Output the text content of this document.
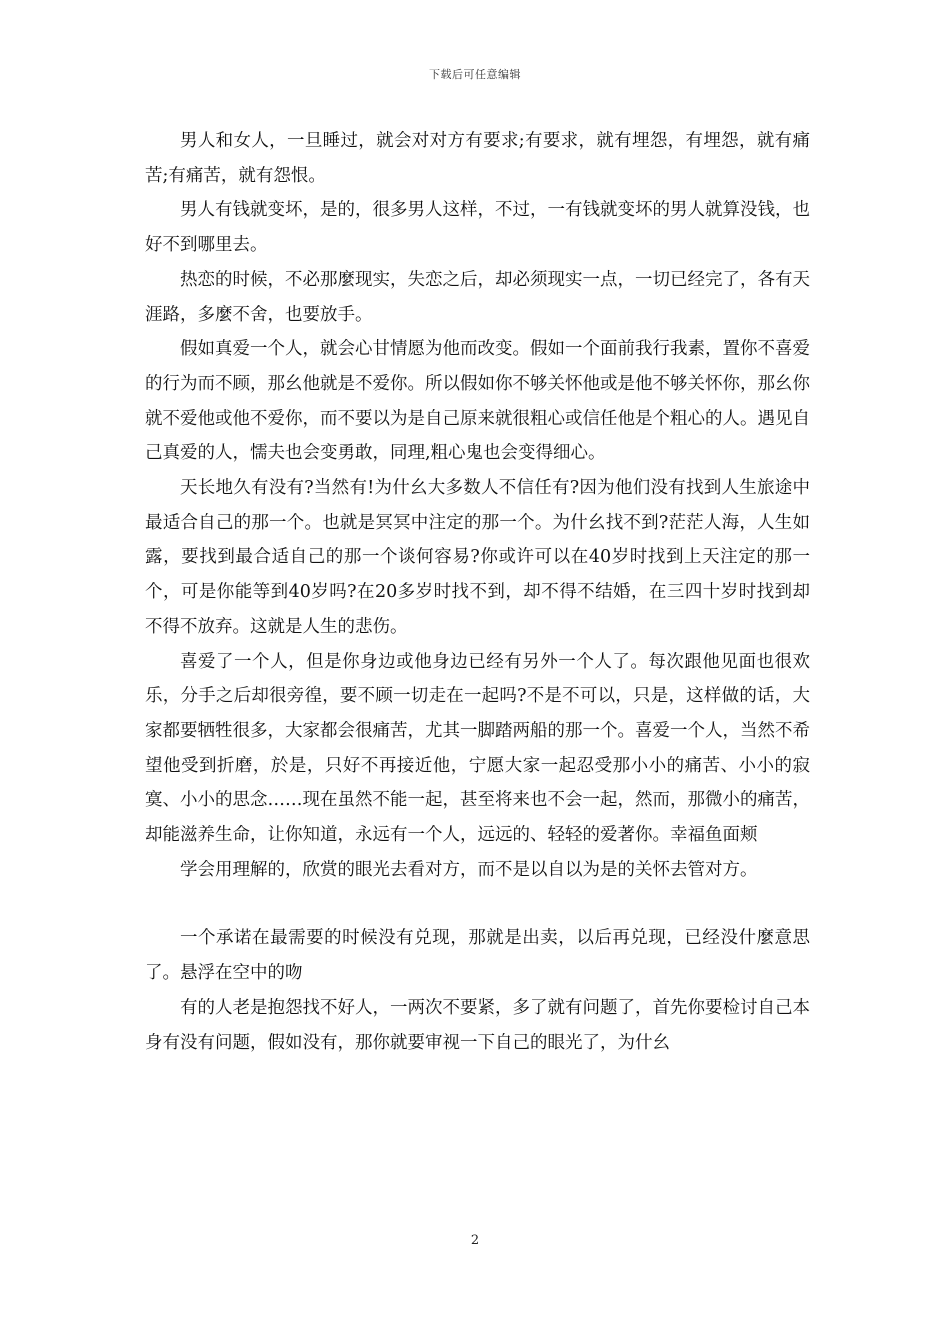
下载后可任意编辑

男人和女人，一旦睡过，就会对对方有要求;有要求，就有埋怨，有埋怨，就有痛苦;有痛苦，就有怨恨。

男人有钱就变坏，是的，很多男人这样，不过，一有钱就变坏的男人就算没钱，也好不到哪里去。

热恋的时候，不必那麼现实，失恋之后，却必须现实一点，一切已经完了，各有天涯路，多麼不舍，也要放手。

假如真爱一个人，就会心甘情愿为他而改变。假如一个面前我行我素，置你不喜爱的行为而不顾，那幺他就是不爱你。所以假如你不够关怀他或是他不够关怀你，那幺你就不爱他或他不爱你，而不要以为是自己原来就很粗心或信任他是个粗心的人。遇见自己真爱的人，懦夫也会变勇敢，同理,粗心鬼也会变得细心。

天长地久有没有?当然有!为什幺大多数人不信任有?因为他们没有找到人生旅途中最适合自己的那一个。也就是冥冥中注定的那一个。为什幺找不到?茫茫人海，人生如露，要找到最合适自己的那一个谈何容易?你或许可以在40岁时找到上天注定的那一个，可是你能等到40岁吗?在20多岁时找不到，却不得不结婚，在三四十岁时找到却不得不放弃。这就是人生的悲伤。

喜爱了一个人，但是你身边或他身边已经有另外一个人了。每次跟他见面也很欢乐，分手之后却很旁徨，要不顾一切走在一起吗?不是不可以，只是，这样做的话，大家都要牺牲很多，大家都会很痛苦，尤其一脚踏两船的那一个。喜爱一个人，当然不希望他受到折磨，於是，只好不再接近他，宁愿大家一起忍受那小小的痛苦、小小的寂寞、小小的思念……现在虽然不能一起，甚至将来也不会一起，然而，那微小的痛苦，却能滋养生命，让你知道，永远有一个人，远远的、轻轻的爱著你。幸福鱼面颊

学会用理解的，欣赏的眼光去看对方，而不是以自以为是的关怀去管对方。

一个承诺在最需要的时候没有兑现，那就是出卖，以后再兑现，已经没什麼意思了。悬浮在空中的吻

有的人老是抱怨找不好人，一两次不要紧，多了就有问题了，首先你要检讨自己本身有没有问题，假如没有，那你就要审视一下自己的眼光了，为什幺

2
